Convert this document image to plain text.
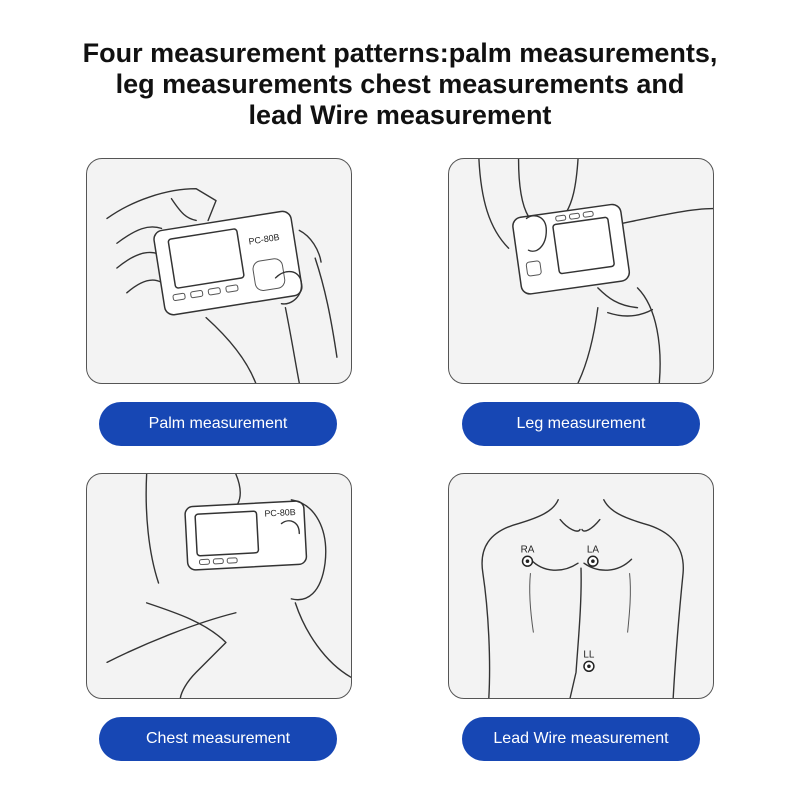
Four measurement patterns:palm measurements,
leg measurements chest measurements and
lead Wire measurement
PC-80B
Palm measurement	Leg measurement
PC-80B
Chest measurement
RA	LA
LL
Lead Wire measurement
